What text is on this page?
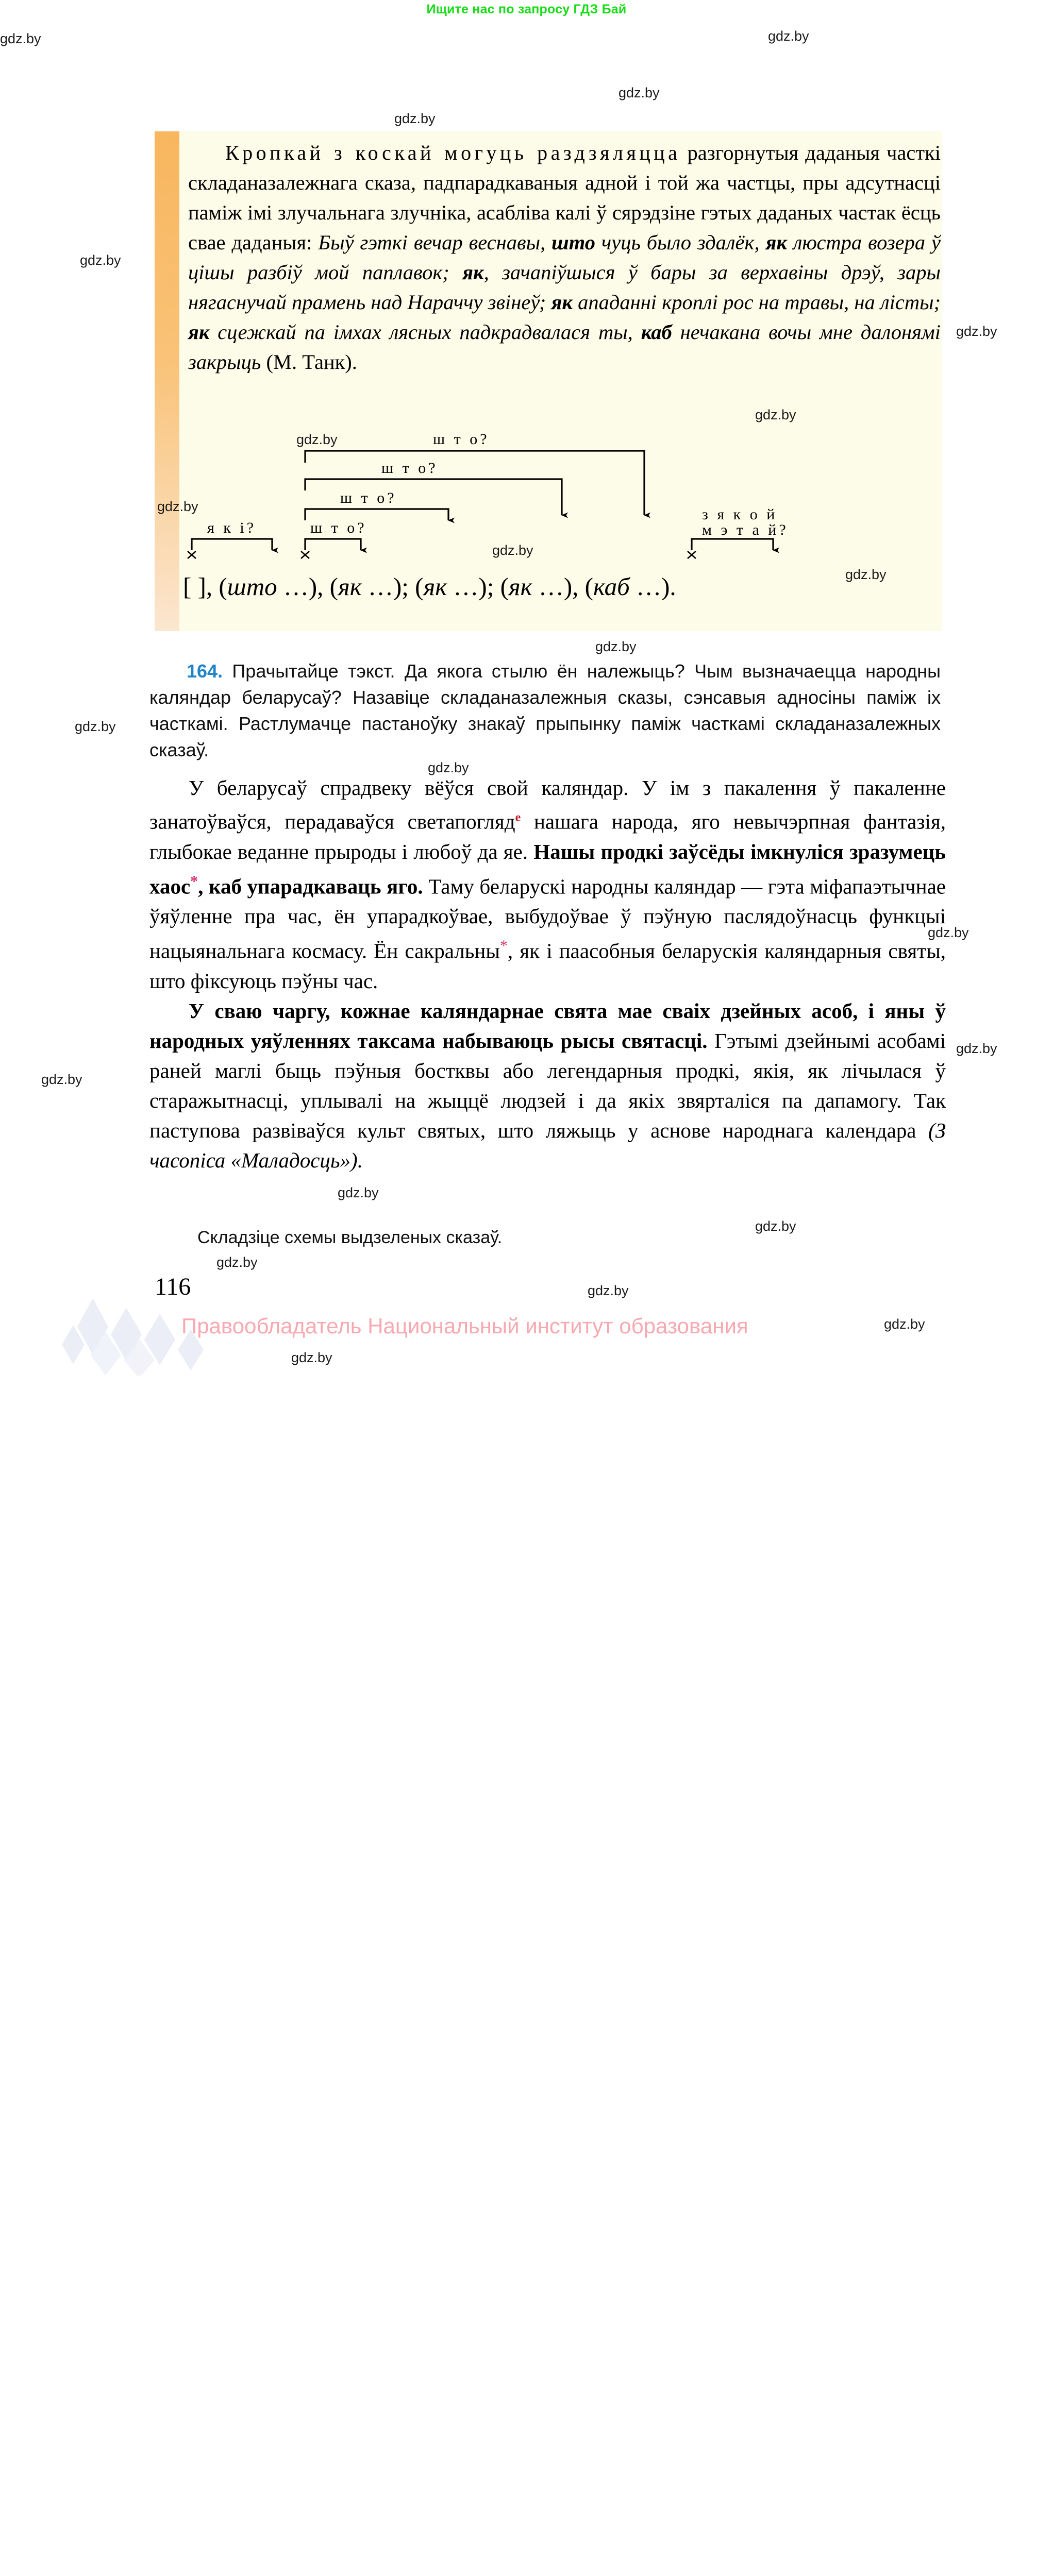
Ищите нас по запросу ГДЗ Бай
Кропкай з коскай могуць раздзяляцца разгорнутыя даданыя часткі складаназалежнага сказа, падпарадкаваныя адной і той жа частцы, пры адсутнасці паміж імі злучальнага злучніка, асабліва калі ў сярэдзіне гэтых даданых частак ёсць свае даданыя: Быў гэткі вечар веснавы, што чуць было здалёк, як люстра возера ў цішы разбіў мой паплавок; як, зачапіўшыся ў бары за верхавіны дрэў, зары нягаснучай прамень над Нараччу звінеў; як ападанні кроплі рос на травы, на лісты; як сцежкай па імхах лясных падкрадвалася ты, каб нечакана вочы мне далонямі закрыць (М. Танк).
ш т о?
ш т о?
ш т о?
я к і?	ш т о?
з я к о й
м э т а й?
[ ], (што …), (як …); (як …); (як …), (каб …).
164. Прачытайце тэкст. Да якога стылю ён належыць? Чым вызначаецца народны каляндар беларусаў? Назавіце складаназалежныя сказы, сэнсавыя адносіны паміж іх часткамі. Растлумачце пастаноўку знакаў прыпынку паміж часткамі складаназалежных сказаў.

У беларусаў спрадвеку вёўся свой каляндар. У ім з пакалення ў пакаленне занатоўваўся, перадаваўся светапогляд$^е$ нашага народа, яго невычэрпная фантазія, глыбокае веданне прыроды і любоў да яе. Нашы продкі заўсёды імкнуліся зразумець хаос*, каб упарадкаваць яго. Таму беларускі народны каляндар — гэта міфапаэтычнае ўяўленне пра час, ён упарадкоўвае, выбудоўвае ў пэўную паслядоўнасць функцыі нацыянальнага космасу. Ён сакральны*, як і паасобныя беларускія каляндарныя святы, што фіксуюць пэўны час.

У сваю чаргу, кожнае каляндарнае свята мае сваіх дзейных асоб, і яны ў народных уяўленнях таксама набываюць рысы святасці. Гэтымі дзейнымі асобамі раней маглі быць пэўныя бостквы або легендарныя продкі, якія, як лічылася ў старажытнасці, уплывалі на жыццё людзей і да якіх звярталіся па дапамогу. Так паступова развіваўся культ святых, што ляжыць у аснове народнага календара (З часопіса «Маладосць»).

Складзіце схемы выдзеленых сказаў.
116
Правообладатель Национальный институт образования
gdz.by	gdz.by
gdz.by
gdz.by
gdz.by
gdz.by
gdz.by
gdz.by
gdz.by
gdz.by
gdz.by
gdz.by
gdz.by
gdz.by
gdz.by
gdz.by
gdz.by
gdz.by
gdz.by
gdz.by
gdz.by
gdz.by
gdz.by
